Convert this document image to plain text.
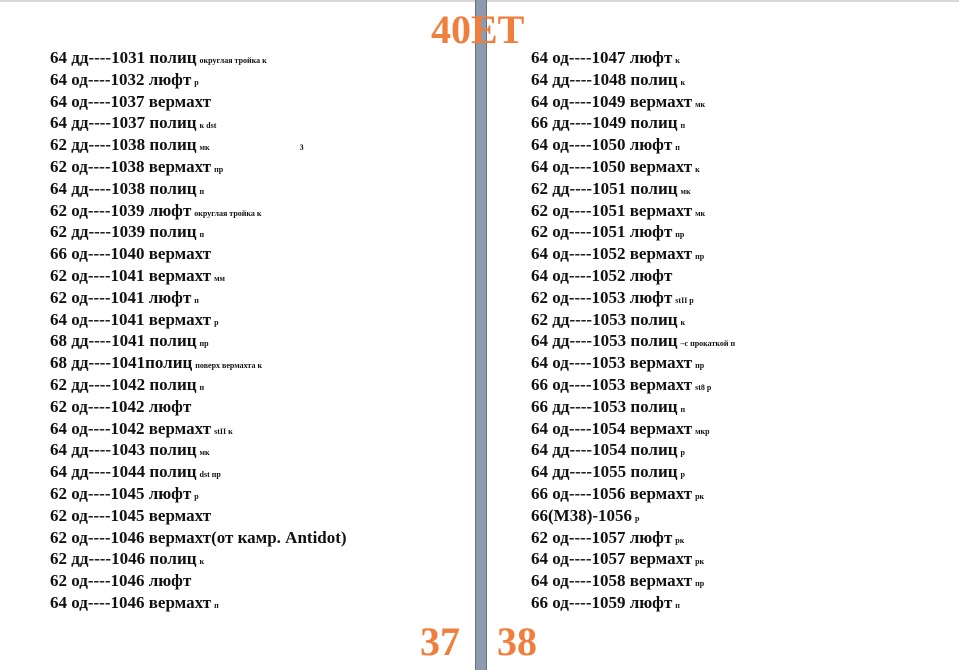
64 дд----1031 полиц округлая тройка к
64 од----1032 люфт р
64 од----1037 вермахт
64 дд----1037 полиц к dst
62 дд----1038 полиц мк	3
62 од----1038 вермахт пр
64 дд----1038 полиц п
62 од----1039 люфт округлая тройка к
62 дд----1039 полиц п
66 од----1040 вермахт
62 од----1041 вермахт мм
62 од----1041 люфт п
64 од----1041 вермахт р
68 дд----1041 полиц пр
68 дд----1041полиц поверх вермахта к
62 дд----1042 полиц п
62 од----1042 люфт
64 од----1042 вермахт stII к
64 дд----1043 полиц мк
64 дд----1044 полиц dst пр
62 од----1045 люфт р
62 од----1045 вермахт
62 од----1046 вермахт(от камр. Antidot)
62 дд----1046 полиц к
62 од----1046 люфт
64 од----1046 вермахт п
64 од----1047 люфт к
64 дд----1048 полиц к
64 од----1049 вермахт мк
66 дд----1049 полиц п
64 од----1050 люфт п
64 од----1050 вермахт к
62 дд----1051 полиц мк
62 од----1051 вермахт мк
62 од----1051 люфт пр
64 од----1052 вермахт пр
64 од----1052 люфт
62 од----1053 люфт stII р
62 дд----1053 полиц к
64 дд----1053 полиц –с прокаткой п
64 од----1053 вермахт пр
66 од----1053 вермахт st8 р
66 дд----1053 полиц п
64 од----1054 вермахт мкр
64 дд----1054 полиц р
64 дд----1055 полиц р
66 од----1056 вермахт рк
66(M38)-1056 р
62 од----1057 люфт рк
64 од----1057 вермахт рк
64 од----1058 вермахт пр
66 од----1059 люфт п
40ET
37 38
